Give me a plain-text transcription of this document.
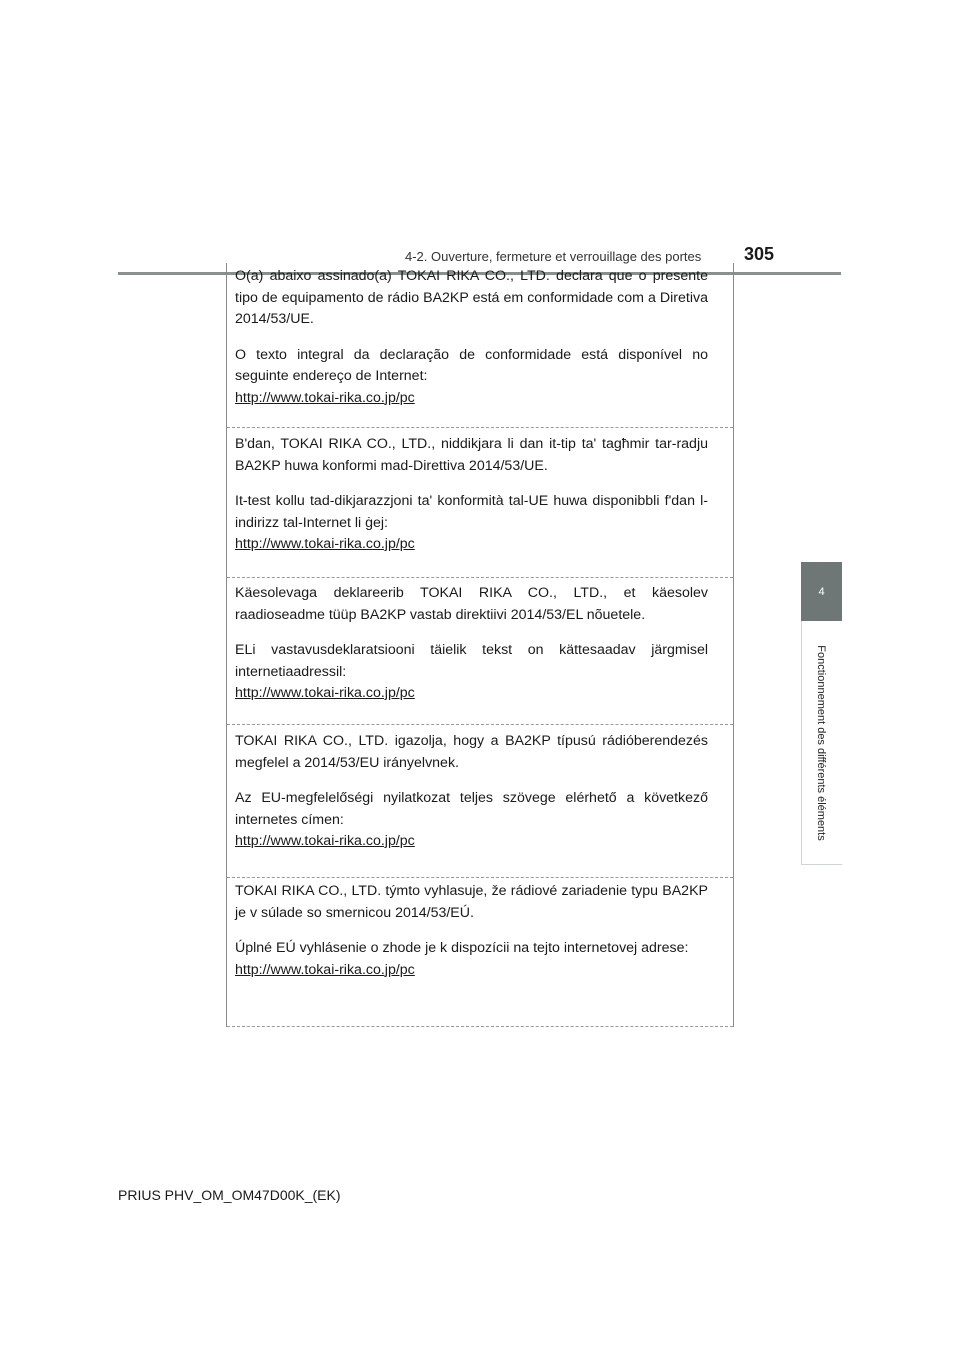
4-2. Ouverture, fermeture et verrouillage des portes 305
4
Fonctionnement des différents éléments

O(a) abaixo assinado(a) TOKAI RIKA CO., LTD. declara que o presente tipo de equipamento de rádio BA2KP está em conformidade com a Diretiva 2014/53/UE.

O texto integral da declaração de conformidade está disponível no seguinte endereço de Internet:

http://www.tokai-rika.co.jp/pc

B'dan, TOKAI RIKA CO., LTD., niddikjara li dan it-tip ta' tagħmir tar-radju BA2KP huwa konformi mad-Direttiva 2014/53/UE.

It-test kollu tad-dikjarazzjoni ta' konformità tal-UE huwa disponibbli f'dan l-indirizz tal-Internet li ġej:

http://www.tokai-rika.co.jp/pc

Käesolevaga deklareerib TOKAI RIKA CO., LTD., et käesolev raadioseadme tüüp BA2KP vastab direktiivi 2014/53/EL nõuetele.

ELi vastavusdeklaratsiooni täielik tekst on kättesaadav järgmisel internetiaadressil:

http://www.tokai-rika.co.jp/pc

TOKAI RIKA CO., LTD. igazolja, hogy a BA2KP típusú rádióberendezés megfelel a 2014/53/EU irányelvnek.

Az EU-megfelelőségi nyilatkozat teljes szövege elérhető a következő internetes címen:

http://www.tokai-rika.co.jp/pc

TOKAI RIKA CO., LTD. týmto vyhlasuje, že rádiové zariadenie typu BA2KP je v súlade so smernicou 2014/53/EÚ.

Úplné EÚ vyhlásenie o zhode je k dispozícii na tejto internetovej adrese:

http://www.tokai-rika.co.jp/pc
PRIUS PHV_OM_OM47D00K_(EK)
